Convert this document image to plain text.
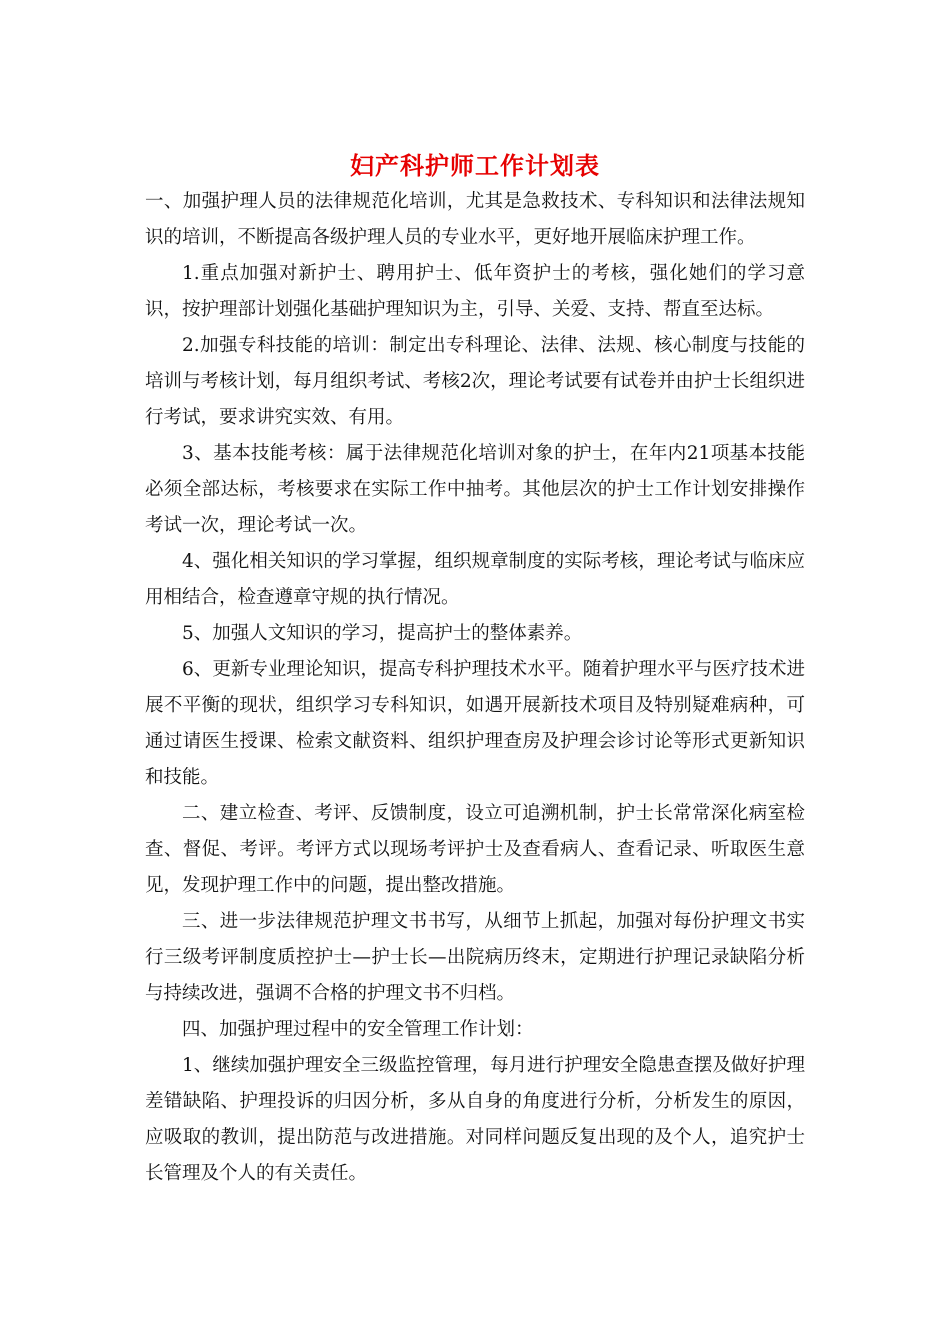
妇产科护师工作计划表

一、加强护理人员的法律规范化培训，尤其是急救技术、专科知识和法律法规知识的培训，不断提高各级护理人员的专业水平，更好地开展临床护理工作。

1.重点加强对新护士、聘用护士、低年资护士的考核，强化她们的学习意识，按护理部计划强化基础护理知识为主，引导、关爱、支持、帮直至达标。

2.加强专科技能的培训：制定出专科理论、法律、法规、核心制度与技能的培训与考核计划，每月组织考试、考核2次，理论考试要有试卷并由护士长组织进行考试，要求讲究实效、有用。

3、基本技能考核：属于法律规范化培训对象的护士，在年内21项基本技能必须全部达标，考核要求在实际工作中抽考。其他层次的护士工作计划安排操作考试一次，理论考试一次。

4、强化相关知识的学习掌握，组织规章制度的实际考核，理论考试与临床应用相结合，检查遵章守规的执行情况。

5、加强人文知识的学习，提高护士的整体素养。

6、更新专业理论知识，提高专科护理技术水平。随着护理水平与医疗技术进展不平衡的现状，组织学习专科知识，如遇开展新技术项目及特别疑难病种，可通过请医生授课、检索文献资料、组织护理查房及护理会诊讨论等形式更新知识和技能。

二、建立检查、考评、反馈制度，设立可追溯机制，护士长常常深化病室检查、督促、考评。考评方式以现场考评护士及查看病人、查看记录、听取医生意见，发现护理工作中的问题，提出整改措施。

三、进一步法律规范护理文书书写，从细节上抓起，加强对每份护理文书实行三级考评制度质控护士—护士长—出院病历终末，定期进行护理记录缺陷分析与持续改进，强调不合格的护理文书不归档。

四、加强护理过程中的安全管理工作计划：

1、继续加强护理安全三级监控管理，每月进行护理安全隐患查摆及做好护理差错缺陷、护理投诉的归因分析，多从自身的角度进行分析，分析发生的原因，应吸取的教训，提出防范与改进措施。对同样问题反复出现的及个人，追究护士长管理及个人的有关责任。
